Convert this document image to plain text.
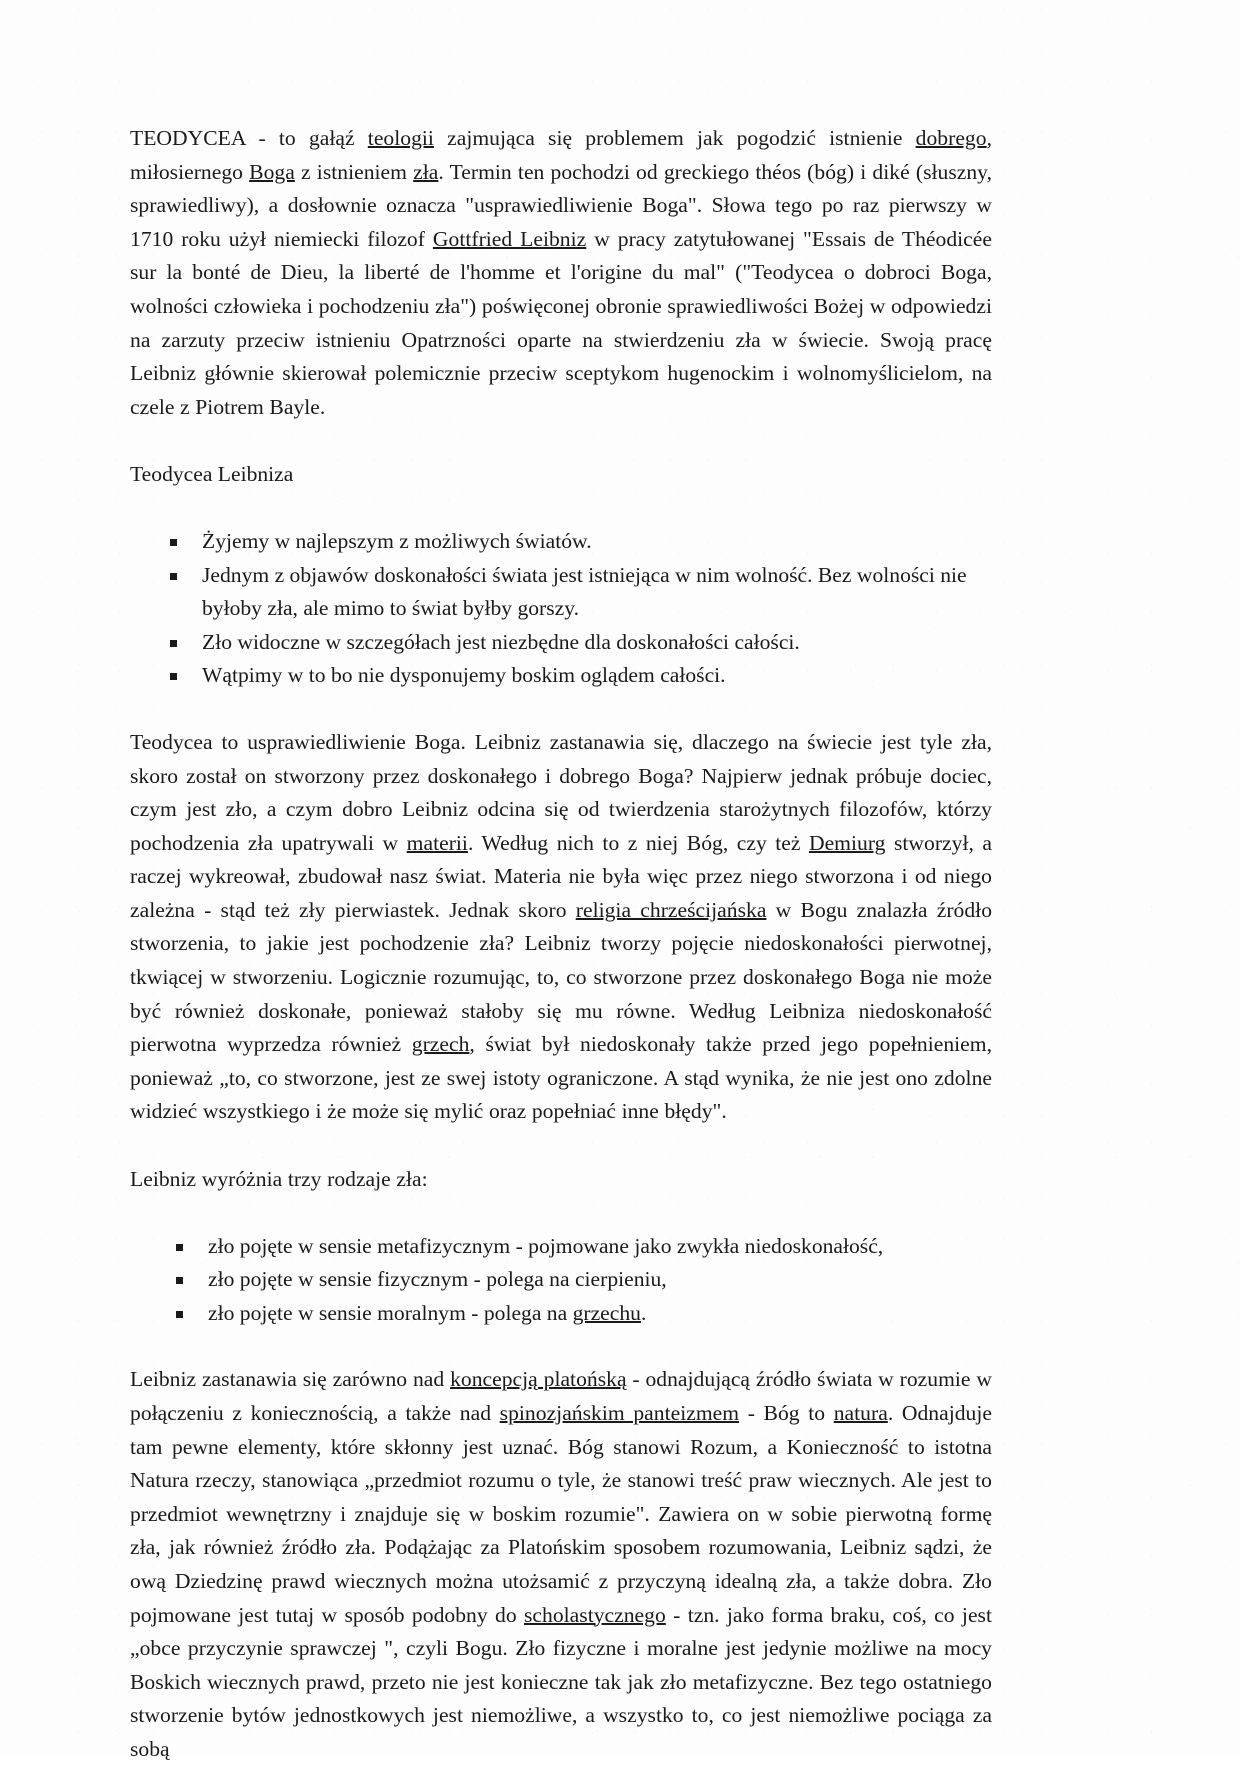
TEODYCEA - to gałąź teologii zajmująca się problemem jak pogodzić istnienie dobrego, miłosiernego Boga z istnieniem zła. Termin ten pochodzi od greckiego théos (bóg) i diké (słuszny, sprawiedliwy), a dosłownie oznacza "usprawiedliwienie Boga". Słowa tego po raz pierwszy w 1710 roku użył niemiecki filozof Gottfried Leibniz w pracy zatytułowanej "Essais de Théodicée sur la bonté de Dieu, la liberté de l'homme et l'origine du mal" ("Teodycea o dobroci Boga, wolności człowieka i pochodzeniu zła") poświęconej obronie sprawiedliwości Bożej w odpowiedzi na zarzuty przeciw istnieniu Opatrzności oparte na stwierdzeniu zła w świecie. Swoją pracę Leibniz głównie skierował polemicznie przeciw sceptykom hugenockim i wolnomyślicielom, na czele z Piotrem Bayle.

Teodycea Leibniza
Żyjemy w najlepszym z możliwych światów.
Jednym z objawów doskonałości świata jest istniejąca w nim wolność. Bez wolności nie byłoby zła, ale mimo to świat byłby gorszy.
Zło widoczne w szczegółach jest niezbędne dla doskonałości całości.
Wątpimy w to bo nie dysponujemy boskim oglądem całości.

Teodycea to usprawiedliwienie Boga. Leibniz zastanawia się, dlaczego na świecie jest tyle zła, skoro został on stworzony przez doskonałego i dobrego Boga? Najpierw jednak próbuje dociec, czym jest zło, a czym dobro Leibniz odcina się od twierdzenia starożytnych filozofów, którzy pochodzenia zła upatrywali w materii. Według nich to z niej Bóg, czy też Demiurg stworzył, a raczej wykreował, zbudował nasz świat. Materia nie była więc przez niego stworzona i od niego zależna - stąd też zły pierwiastek. Jednak skoro religia chrześcijańska w Bogu znalazła źródło stworzenia, to jakie jest pochodzenie zła? Leibniz tworzy pojęcie niedoskonałości pierwotnej, tkwiącej w stworzeniu. Logicznie rozumując, to, co stworzone przez doskonałego Boga nie może być również doskonałe, ponieważ stałoby się mu równe. Według Leibniza niedoskonałość pierwotna wyprzedza również grzech, świat był niedoskonały także przed jego popełnieniem, ponieważ „to, co stworzone, jest ze swej istoty ograniczone. A stąd wynika, że nie jest ono zdolne widzieć wszystkiego i że może się mylić oraz popełniać inne błędy".

Leibniz wyróżnia trzy rodzaje zła:

zło pojęte w sensie metafizycznym - pojmowane jako zwykła niedoskonałość,
zło pojęte w sensie fizycznym - polega na cierpieniu,
zło pojęte w sensie moralnym - polega na grzechu.

Leibniz zastanawia się zarówno nad koncepcją platońską - odnajdującą źródło świata w rozumie w połączeniu z koniecznością, a także nad spinozjańskim panteizmem - Bóg to natura. Odnajduje tam pewne elementy, które skłonny jest uznać. Bóg stanowi Rozum, a Konieczność to istotna Natura rzeczy, stanowiąca „przedmiot rozumu o tyle, że stanowi treść praw wiecznych. Ale jest to przedmiot wewnętrzny i znajduje się w boskim rozumie". Zawiera on w sobie pierwotną formę zła, jak również źródło zła. Podążając za Platońskim sposobem rozumowania, Leibniz sądzi, że ową Dziedzinę prawd wiecznych można utożsamić z przyczyną idealną zła, a także dobra. Zło pojmowane jest tutaj w sposób podobny do scholastycznego - tzn. jako forma braku, coś, co jest „obce przyczynie sprawczej ", czyli Bogu. Zło fizyczne i moralne jest jedynie możliwe na mocy Boskich wiecznych prawd, przeto nie jest konieczne tak jak zło metafizyczne. Bez tego ostatniego stworzenie bytów jednostkowych jest niemożliwe, a wszystko to, co jest niemożliwe pociąga za sobą
